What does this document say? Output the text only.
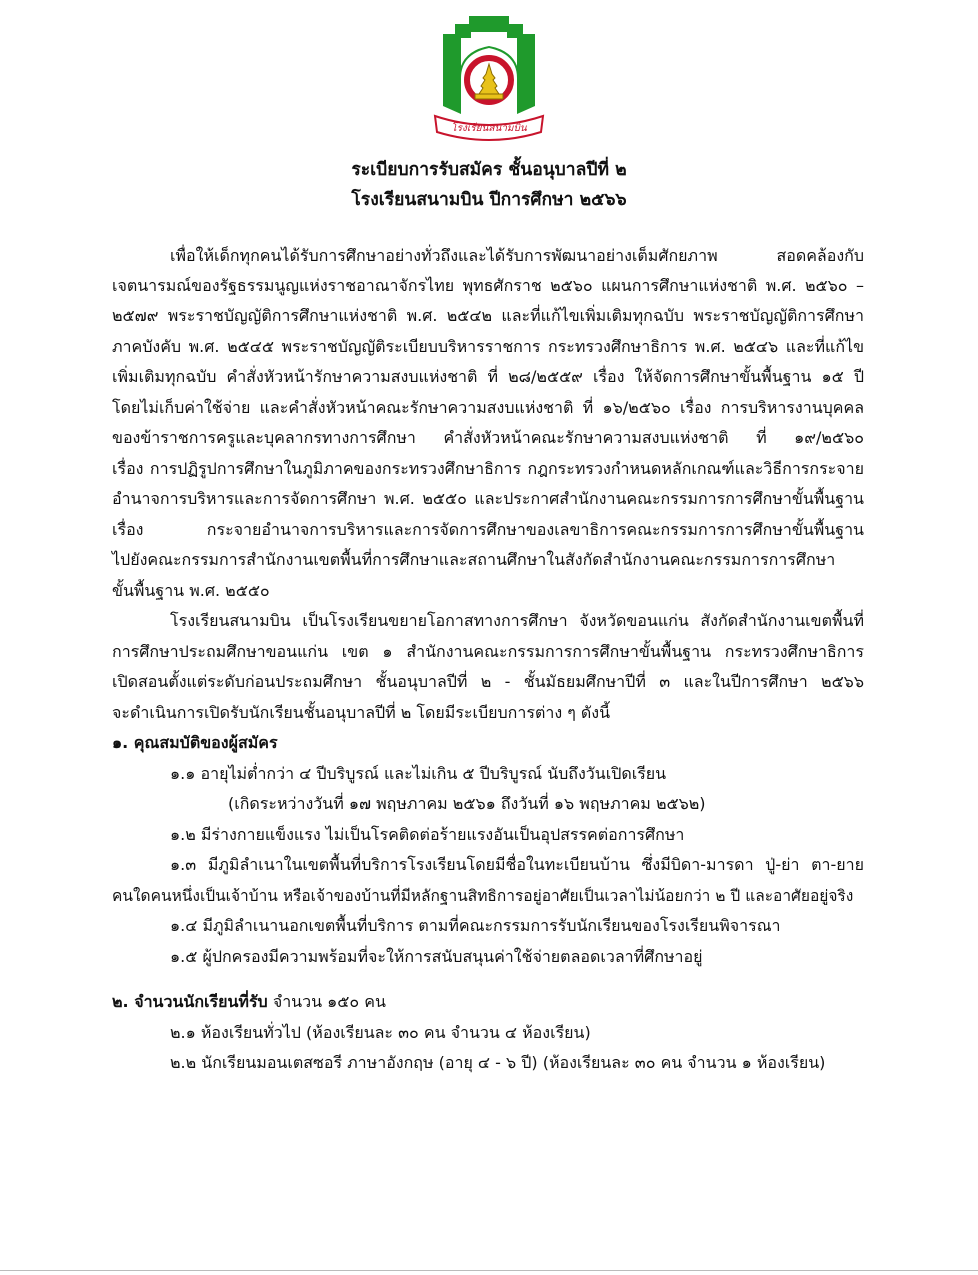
โรงเรียนสนามบิน
ระเบียบการรับสมัคร ชั้นอนุบาลปีที่ ๒
โรงเรียนสนามบิน ปีการศึกษา ๒๕๖๖
เพื่อให้เด็กทุกคนได้รับการศึกษาอย่างทั่วถึงและได้รับการพัฒนาอย่างเต็มศักยภาพ สอดคล้องกับ
เจตนารมณ์ของรัฐธรรมนูญแห่งราชอาณาจักรไทย พุทธศักราช ๒๕๖๐ แผนการศึกษาแห่งชาติ พ.ศ. ๒๕๖๐ –
๒๕๗๙ พระราชบัญญัติการศึกษาแห่งชาติ พ.ศ. ๒๕๔๒ และที่แก้ไขเพิ่มเติมทุกฉบับ พระราชบัญญัติการศึกษา
ภาคบังคับ พ.ศ. ๒๕๔๕ พระราชบัญญัติระเบียบบริหารราชการ กระทรวงศึกษาธิการ พ.ศ. ๒๕๔๖ และที่แก้ไข
เพิ่มเติมทุกฉบับ คำสั่งหัวหน้ารักษาความสงบแห่งชาติ ที่ ๒๘/๒๕๕๙ เรื่อง ให้จัดการศึกษาขั้นพื้นฐาน ๑๕ ปี
โดยไม่เก็บค่าใช้จ่าย และคำสั่งหัวหน้าคณะรักษาความสงบแห่งชาติ ที่ ๑๖/๒๕๖๐ เรื่อง การบริหารงานบุคคล
ของข้าราชการครูและบุคลากรทางการศึกษา คำสั่งหัวหน้าคณะรักษาความสงบแห่งชาติ ที่ ๑๙/๒๕๖๐
เรื่อง การปฏิรูปการศึกษาในภูมิภาคของกระทรวงศึกษาธิการ กฎกระทรวงกำหนดหลักเกณฑ์และวิธีการกระจาย
อำนาจการบริหารและการจัดการศึกษา พ.ศ. ๒๕๕๐ และประกาศสำนักงานคณะกรรมการการศึกษาขั้นพื้นฐาน
เรื่อง กระจายอำนาจการบริหารและการจัดการศึกษาของเลขาธิการคณะกรรมการการศึกษาขั้นพื้นฐาน
ไปยังคณะกรรมการสำนักงานเขตพื้นที่การศึกษาและสถานศึกษาในสังกัดสำนักงานคณะกรรมการการศึกษา
ขั้นพื้นฐาน พ.ศ. ๒๕๕๐
โรงเรียนสนามบิน เป็นโรงเรียนขยายโอกาสทางการศึกษา จังหวัดขอนแก่น สังกัดสำนักงานเขตพื้นที่
การศึกษาประถมศึกษาขอนแก่น เขต ๑ สำนักงานคณะกรรมการการศึกษาขั้นพื้นฐาน กระทรวงศึกษาธิการ
เปิดสอนตั้งแต่ระดับก่อนประถมศึกษา ชั้นอนุบาลปีที่ ๒ - ชั้นมัธยมศึกษาปีที่ ๓ และในปีการศึกษา ๒๕๖๖
จะดำเนินการเปิดรับนักเรียนชั้นอนุบาลปีที่ ๒ โดยมีระเบียบการต่าง ๆ ดังนี้
๑. คุณสมบัติของผู้สมัคร
๑.๑ อายุไม่ต่ำกว่า ๔ ปีบริบูรณ์ และไม่เกิน ๕ ปีบริบูรณ์ นับถึงวันเปิดเรียน
(เกิดระหว่างวันที่ ๑๗ พฤษภาคม ๒๕๖๑ ถึงวันที่ ๑๖ พฤษภาคม ๒๕๖๒)
๑.๒ มีร่างกายแข็งแรง ไม่เป็นโรคติดต่อร้ายแรงอันเป็นอุปสรรคต่อการศึกษา
๑.๓ มีภูมิลำเนาในเขตพื้นที่บริการโรงเรียนโดยมีชื่อในทะเบียนบ้าน ซึ่งมีบิดา-มารดา ปู่-ย่า ตา-ยาย
คนใดคนหนึ่งเป็นเจ้าบ้าน หรือเจ้าของบ้านที่มีหลักฐานสิทธิการอยู่อาศัยเป็นเวลาไม่น้อยกว่า ๒ ปี และอาศัยอยู่จริง
๑.๔ มีภูมิลำเนานอกเขตพื้นที่บริการ ตามที่คณะกรรมการรับนักเรียนของโรงเรียนพิจารณา
๑.๕ ผู้ปกครองมีความพร้อมที่จะให้การสนับสนุนค่าใช้จ่ายตลอดเวลาที่ศึกษาอยู่
๒. จำนวนนักเรียนที่รับ จำนวน ๑๕๐ คน
๒.๑ ห้องเรียนทั่วไป (ห้องเรียนละ ๓๐ คน จำนวน ๔ ห้องเรียน)
๒.๒ นักเรียนมอนเตสซอรี ภาษาอังกฤษ (อายุ ๔ - ๖ ปี) (ห้องเรียนละ ๓๐ คน จำนวน ๑ ห้องเรียน)
